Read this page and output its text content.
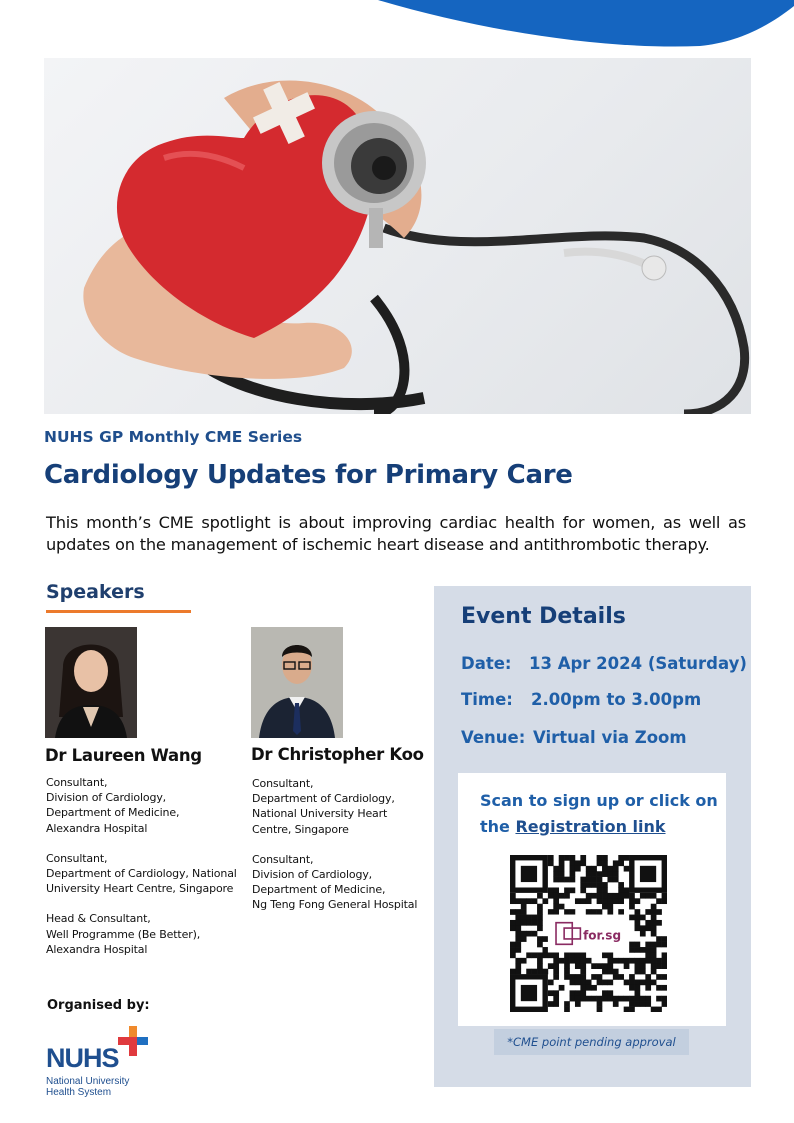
NUHS GP Monthly CME Series
Cardiology Updates for Primary Care
This month’s CME spotlight is about improving cardiac health for women, as well as updates on the management of ischemic heart disease and antithrombotic therapy.
Speakers
Dr Laureen Wang	Dr Christopher Koo
Consultant,
Division of Cardiology,
Department of Medicine,
Alexandra Hospital
Consultant,
Department of Cardiology, National
University Heart Centre, Singapore
Head & Consultant,
Well Programme (Be Better),
Alexandra Hospital
Consultant,
Department of Cardiology,
National University Heart
Centre, Singapore
Consultant,
Division of Cardiology,
Department of Medicine,
Ng Teng Fong General Hospital
Organised by:
NUHS
National University
Health System
Event Details
Date: 13 Apr 2024 (Saturday)
Time: 2.00pm to 3.00pm
Venue: Virtual via Zoom
Scan to sign up or click on the Registration link
for.sg
*CME point pending approval
